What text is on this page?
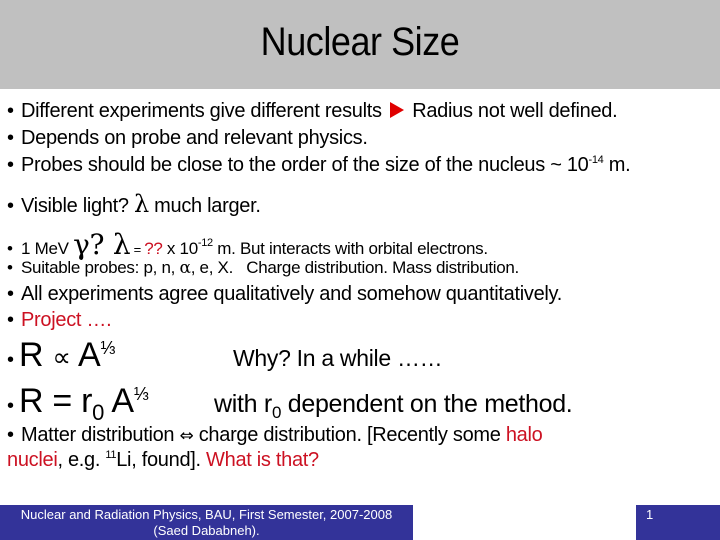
Nuclear Size
• Different experiments give different results Radius not well defined.
• Depends on probe and relevant physics.
• Probes should be close to the order of the size of the nucleus ~ $10^{-14}$ m.
• Visible light? λ much larger.
• 1 MeV γ? λ = ?? x $10^{-12}$ m. But interacts with orbital electrons.
• Suitable probes: p, n, α, e, X.   Charge distribution. Mass distribution.
• All experiments agree qualitatively and somehow quantitatively.
• Project ….
• $R \propto A^{\frac{1}{3}}$	Why? In a while ……
• $R = r_0$ $A^{\frac{1}{3}}$	with $r_0$ dependent on the method.
• Matter distribution ⇔ charge distribution. [Recently some halo
nuclei, e.g. $^{11}$Li, found]. What is that?
Nuclear and Radiation Physics, BAU, First Semester, 2007-2008
(Saed Dababneh).
1
